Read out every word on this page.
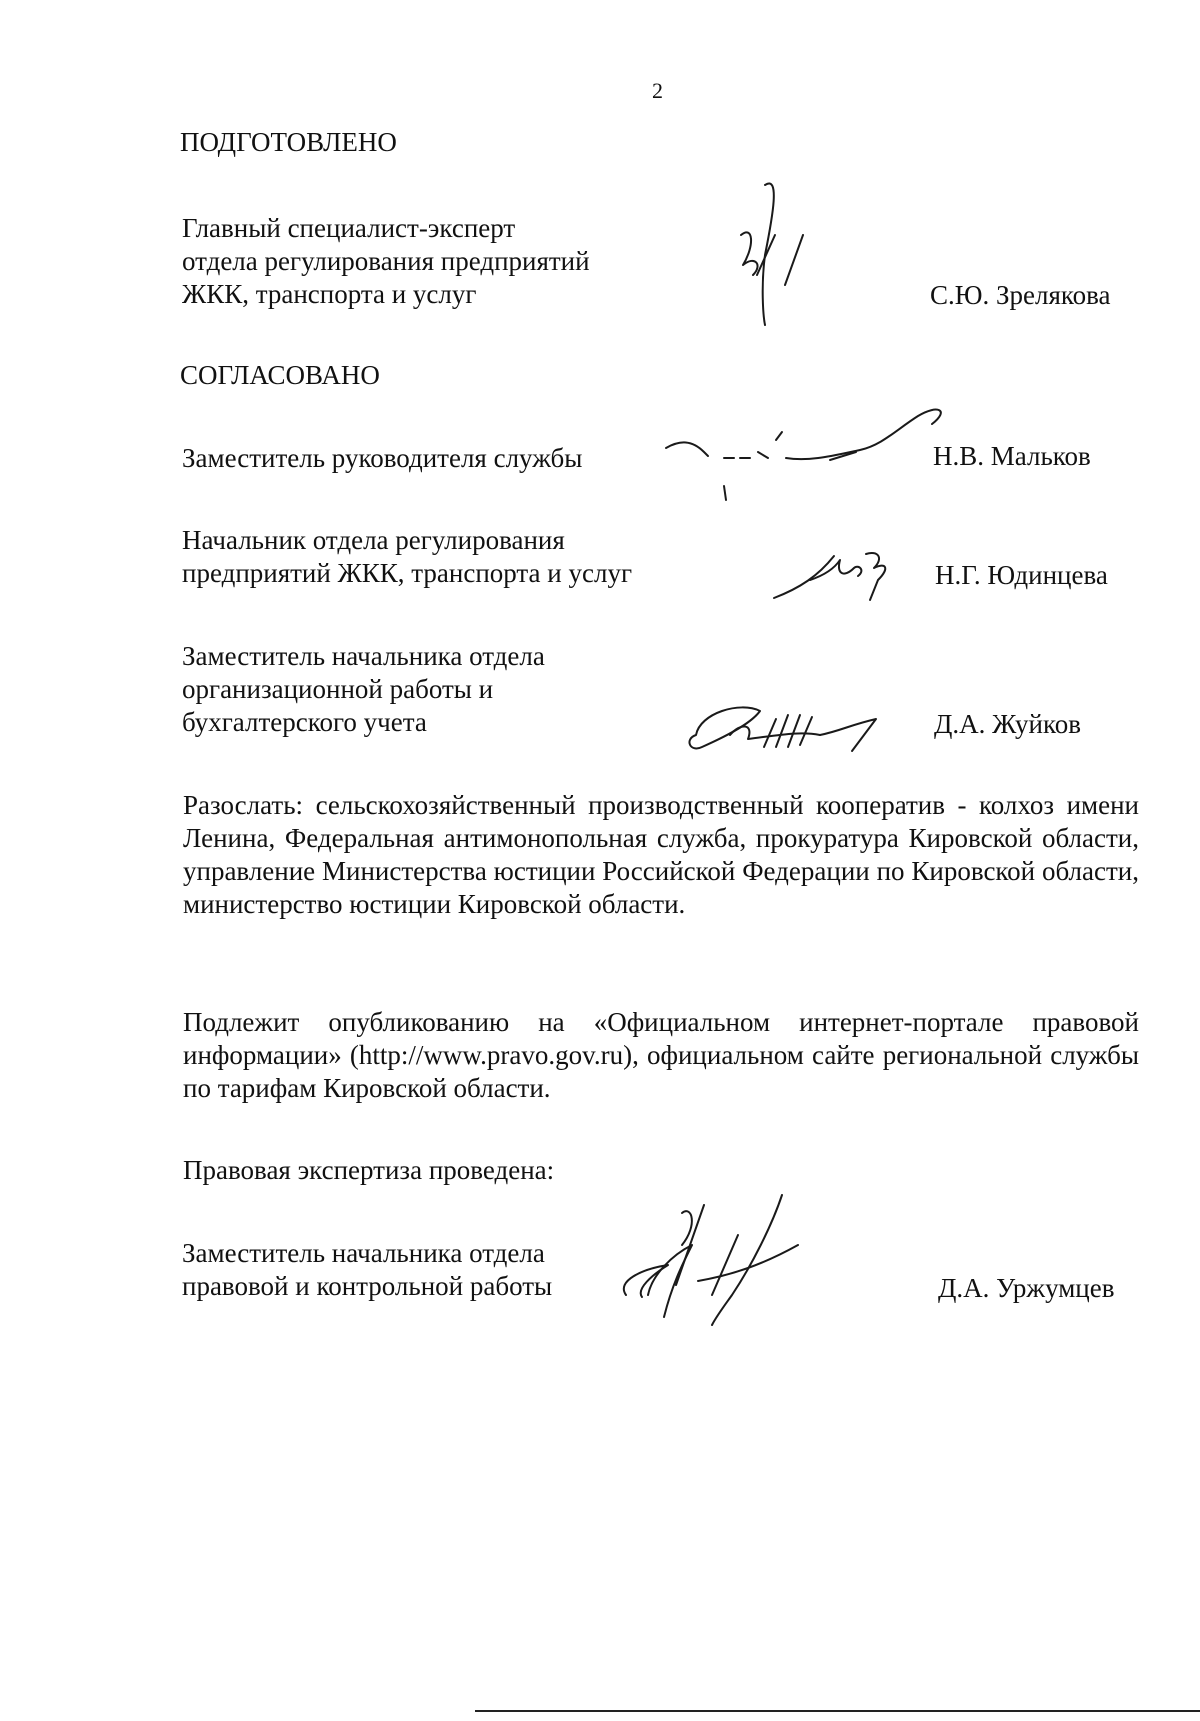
2
ПОДГОТОВЛЕНО
Главный специалист-эксперт
отдела регулирования предприятий
ЖКК, транспорта и услуг	С.Ю. Зрелякова
СОГЛАСОВАНО
Заместитель руководителя службы	Н.В. Мальков
Начальник отдела регулирования
предприятий ЖКК, транспорта и услуг	Н.Г. Юдинцева
Заместитель начальника отдела
организационной работы и
бухгалтерского учета	Д.А. Жуйков
Разослать: сельскохозяйственный производственный кооператив - колхоз имени Ленина, Федеральная антимонопольная служба, прокуратура Кировской области, управление Министерства юстиции Российской Федерации по Кировской области, министерство юстиции Кировской области.
Подлежит опубликованию на «Официальном интернет-портале правовой информации» (http://www.pravo.gov.ru), официальном сайте региональной службы по тарифам Кировской области.
Правовая экспертиза проведена:
Заместитель начальника отдела
правовой и контрольной работы	Д.А. Уржумцев
